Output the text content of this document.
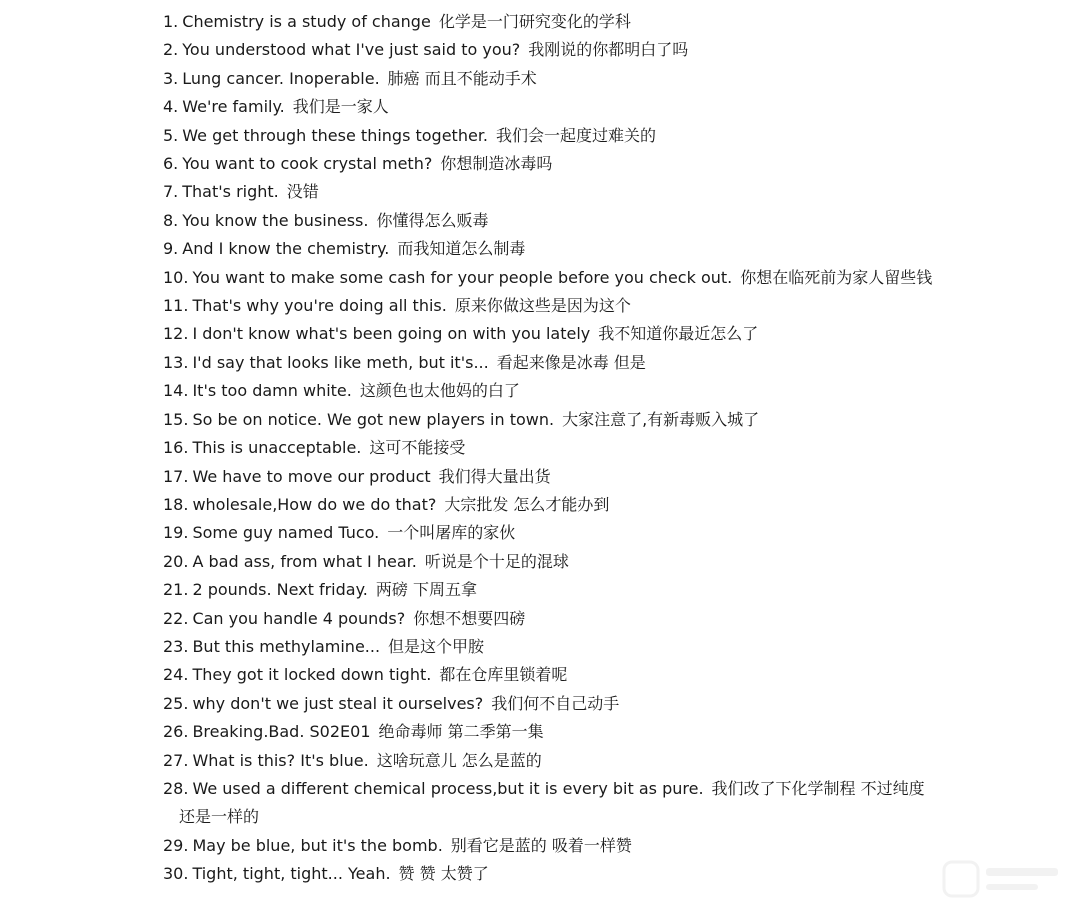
1. Chemistry is a study of change 化学是一门研究变化的学科
2. You understood what I've just said to you? 我刚说的你都明白了吗
3. Lung cancer. Inoperable. 肺癌 而且不能动手术
4. We're family. 我们是一家人
5. We get through these things together. 我们会一起度过难关的
6. You want to cook crystal meth? 你想制造冰毒吗
7. That's right. 没错
8. You know the business. 你懂得怎么贩毒
9. And I know the chemistry. 而我知道怎么制毒
10. You want to make some cash for your people before you check out. 你想在临死前为家人留些钱
11. That's why you're doing all this. 原来你做这些是因为这个
12. I don't know what's been going on with you lately 我不知道你最近怎么了
13. I'd say that looks like meth, but it's... 看起来像是冰毒 但是
14. It's too damn white. 这颜色也太他妈的白了
15. So be on notice. We got new players in town. 大家注意了,有新毒贩入城了
16. This is unacceptable. 这可不能接受
17. We have to move our product 我们得大量出货
18. wholesale,How do we do that? 大宗批发 怎么才能办到
19. Some guy named Tuco. 一个叫屠库的家伙
20. A bad ass, from what I hear. 听说是个十足的混球
21. 2 pounds. Next friday. 两磅 下周五拿
22. Can you handle 4 pounds? 你想不想要四磅
23. But this methylamine... 但是这个甲胺
24. They got it locked down tight. 都在仓库里锁着呢
25. why don't we just steal it ourselves? 我们何不自己动手
26. Breaking.Bad. S02E01 绝命毒师 第二季第一集
27. What is this? It's blue. 这啥玩意儿 怎么是蓝的
28. We used a different chemical process,but it is every bit as pure. 我们改了下化学制程 不过纯度还是一样的
29. May be blue, but it's the bomb. 别看它是蓝的 吸着一样赞
30. Tight, tight, tight... Yeah. 赞 赞 太赞了
